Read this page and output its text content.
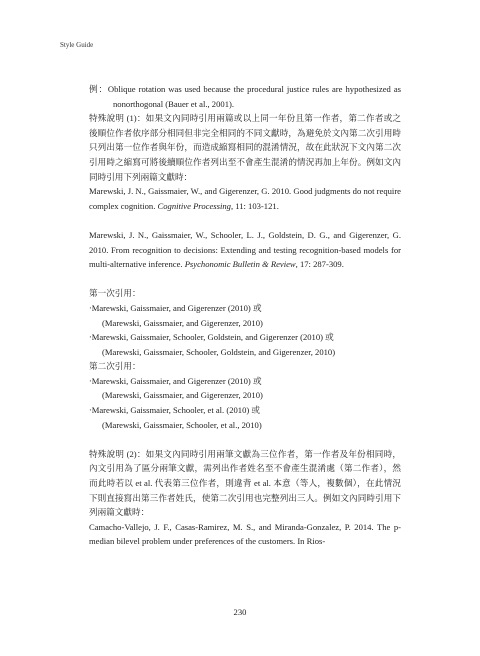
Style Guide

例：Oblique rotation was used because the procedural justice rules are hypothesized as nonorthogonal (Bauer et al., 2001).

特殊說明 (1)：如果文內同時引用兩篇或以上同一年份且第一作者，第二作者或之後順位作者依序部分相同但非完全相同的不同文獻時，為避免於文內第二次引用時只列出第一位作者與年份，而造成縮寫相同的混淆情況，故在此狀況下文內第二次引用時之縮寫可將後續順位作者列出至不會產生混淆的情況再加上年份。例如文內同時引用下列兩篇文獻時：

Marewski, J. N., Gaissmaier, W., and Gigerenzer, G. 2010. Good judgments do not require complex cognition. Cognitive Processing, 11: 103-121.

Marewski, J. N., Gaissmaier, W., Schooler, L. J., Goldstein, D. G., and Gigerenzer, G. 2010. From recognition to decisions: Extending and testing recognition-based models for multi-alternative inference. Psychonomic Bulletin & Review, 17: 287-309.

第一次引用：

‧Marewski, Gaissmaier, and Gigerenzer (2010) 或

(Marewski, Gaissmaier, and Gigerenzer, 2010)

‧Marewski, Gaissmaier, Schooler, Goldstein, and Gigerenzer (2010) 或

(Marewski, Gaissmaier, Schooler, Goldstein, and Gigerenzer, 2010)

第二次引用：

‧Marewski, Gaissmaier, and Gigerenzer (2010) 或

(Marewski, Gaissmaier, and Gigerenzer, 2010)

‧Marewski, Gaissmaier, Schooler, et al. (2010) 或

(Marewski, Gaissmaier, Schooler, et al., 2010)

特殊說明 (2)：如果文內同時引用兩筆文獻為三位作者，第一作者及年份相同時，內文引用為了區分兩筆文獻，需列出作者姓名至不會產生混淆處（第二作者），然而此時若以 et al. 代表第三位作者，則違背 et al. 本意（等人，複數個），在此情況下則直接寫出第三作者姓氏，使第二次引用也完整列出三人。例如文內同時引用下列兩篇文獻時：

Camacho-Vallejo, J. F., Casas-Ramirez, M. S., and Miranda-Gonzalez, P. 2014. The p-median bilevel problem under preferences of the customers. In Rios-

230
